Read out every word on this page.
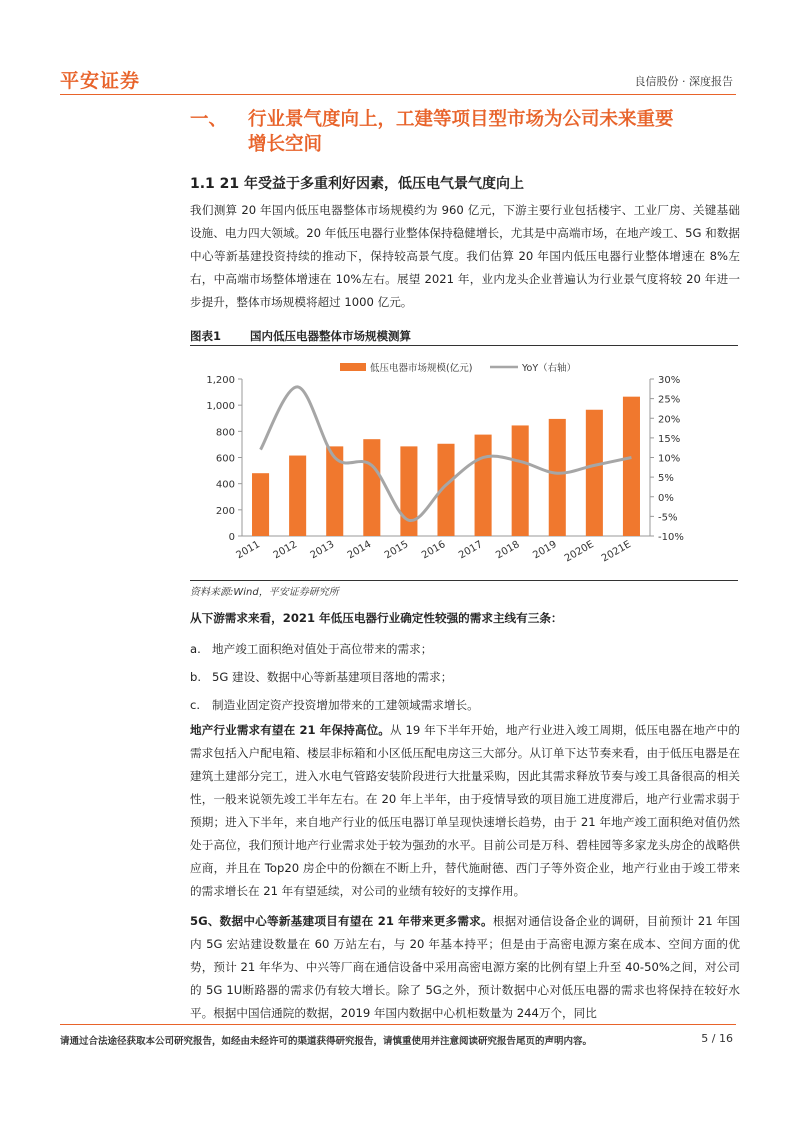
平安证券	良信股份 · 深度报告
一、 行业景气度向上，工建等项目型市场为公司未来重要
增长空间
1.1 21 年受益于多重利好因素，低压电气景气度向上
我们测算 20 年国内低压电器整体市场规模约为 960 亿元，下游主要行业包括楼宇、工业厂房、关键基础设施、电力四大领域。20 年低压电器行业整体保持稳健增长，尤其是中高端市场，在地产竣工、5G 和数据中心等新基建投资持续的推动下，保持较高景气度。我们估算 20 年国内低压电器行业整体增速在 8%左右，中高端市场整体增速在 10%左右。展望 2021 年，业内龙头企业普遍认为行业景气度将较 20 年进一步提升，整体市场规模将超过 1000 亿元。
图表1	国内低压电器整体市场规模测算
低压电器市场规模(亿元)	YoY（右轴）
0
200
400
600
800
1,000
1,200
-10%
-5%
0%
5%
10%
15%
20%
25%
30%
2011 2012 2013 2014 2015 2016 2017 2018 2019 2020E 2021E
资料来源:Wind，平安证券研究所
从下游需求来看，2021 年低压电器行业确定性较强的需求主线有三条：
a. 地产竣工面积绝对值处于高位带来的需求；
b. 5G 建设、数据中心等新基建项目落地的需求；
c. 制造业固定资产投资增加带来的工建领域需求增长。
地产行业需求有望在 21 年保持高位。从 19 年下半年开始，地产行业进入竣工周期，低压电器在地产中的需求包括入户配电箱、楼层非标箱和小区低压配电房这三大部分。从订单下达节奏来看，由于低压电器是在建筑土建部分完工，进入水电气管路安装阶段进行大批量采购，因此其需求释放节奏与竣工具备很高的相关性，一般来说领先竣工半年左右。在 20 年上半年，由于疫情导致的项目施工进度滞后，地产行业需求弱于预期；进入下半年，来自地产行业的低压电器订单呈现快速增长趋势，由于 21 年地产竣工面积绝对值仍然处于高位，我们预计地产行业需求处于较为强劲的水平。目前公司是万科、碧桂园等多家龙头房企的战略供应商，并且在 Top20 房企中的份额在不断上升，替代施耐德、西门子等外资企业，地产行业由于竣工带来的需求增长在 21 年有望延续，对公司的业绩有较好的支撑作用。
5G、数据中心等新基建项目有望在 21 年带来更多需求。根据对通信设备企业的调研，目前预计 21 年国内 5G 宏站建设数量在 60 万站左右，与 20 年基本持平；但是由于高密电源方案在成本、空间方面的优势，预计 21 年华为、中兴等厂商在通信设备中采用高密电源方案的比例有望上升至 40-50%之间，对公司的 5G 1U断路器的需求仍有较大增长。除了 5G之外，预计数据中心对低压电器的需求也将保持在较好水平。根据中国信通院的数据，2019 年国内数据中心机柜数量为 244万个，同比
请通过合法途径获取本公司研究报告，如经由未经许可的渠道获得研究报告，请慎重使用并注意阅读研究报告尾页的声明内容。	5 / 16
